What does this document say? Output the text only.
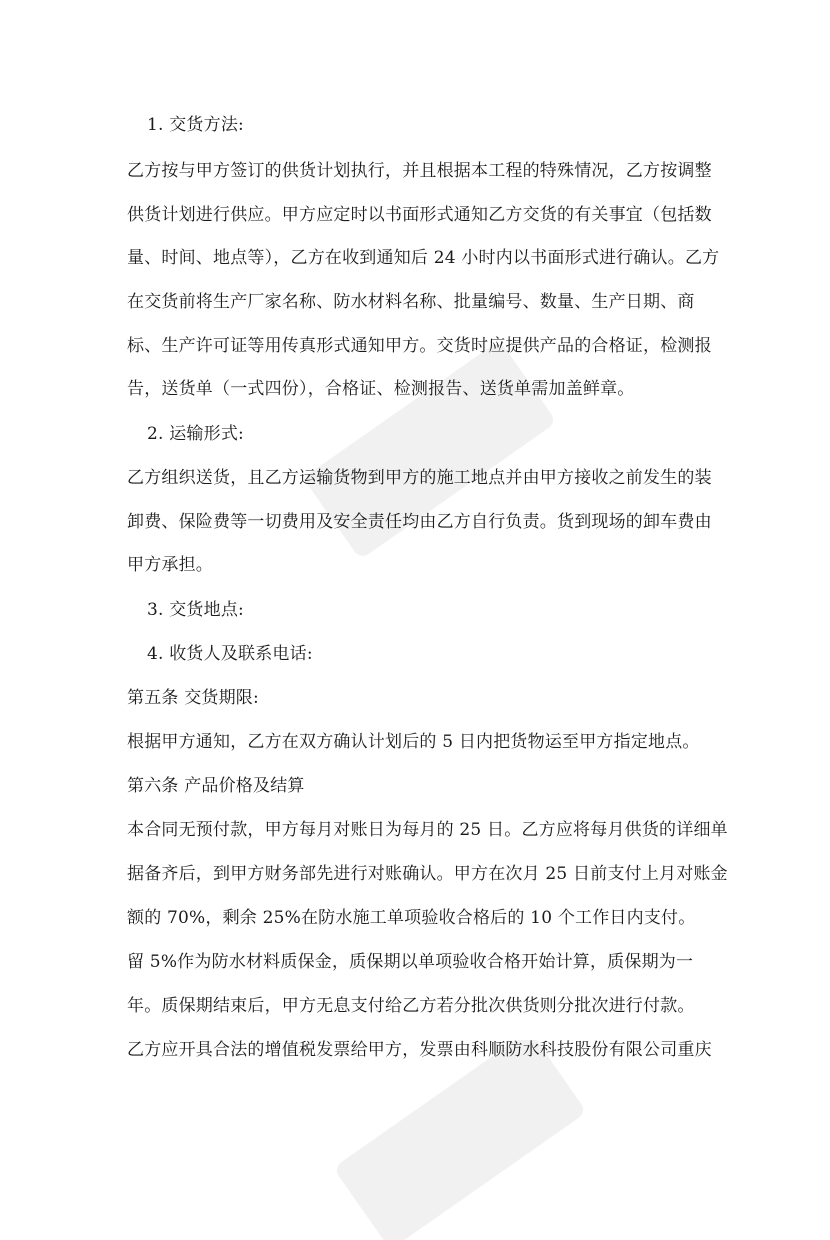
1. 交货方法:
乙方按与甲方签订的供货计划执行，并且根据本工程的特殊情况，乙方按调整
供货计划进行供应。甲方应定时以书面形式通知乙方交货的有关事宜（包括数
量、时间、地点等），乙方在收到通知后 24 小时内以书面形式进行确认。乙方
在交货前将生产厂家名称、防水材料名称、批量编号、数量、生产日期、商
标、生产许可证等用传真形式通知甲方。交货时应提供产品的合格证，检测报
告，送货单（一式四份），合格证、检测报告、送货单需加盖鲜章。
2. 运输形式:
乙方组织送货，且乙方运输货物到甲方的施工地点并由甲方接收之前发生的装
卸费、保险费等一切费用及安全责任均由乙方自行负责。货到现场的卸车费由
甲方承担。
3. 交货地点:
4. 收货人及联系电话:
第五条 交货期限:
根据甲方通知，乙方在双方确认计划后的 5 日内把货物运至甲方指定地点。
第六条 产品价格及结算
本合同无预付款，甲方每月对账日为每月的 25 日。乙方应将每月供货的详细单
据备齐后，到甲方财务部先进行对账确认。甲方在次月 25 日前支付上月对账金
额的 70%，剩余 25%在防水施工单项验收合格后的 10 个工作日内支付。
留 5%作为防水材料质保金，质保期以单项验收合格开始计算，质保期为一
年。质保期结束后，甲方无息支付给乙方若分批次供货则分批次进行付款。
乙方应开具合法的增值税发票给甲方，发票由科顺防水科技股份有限公司重庆
